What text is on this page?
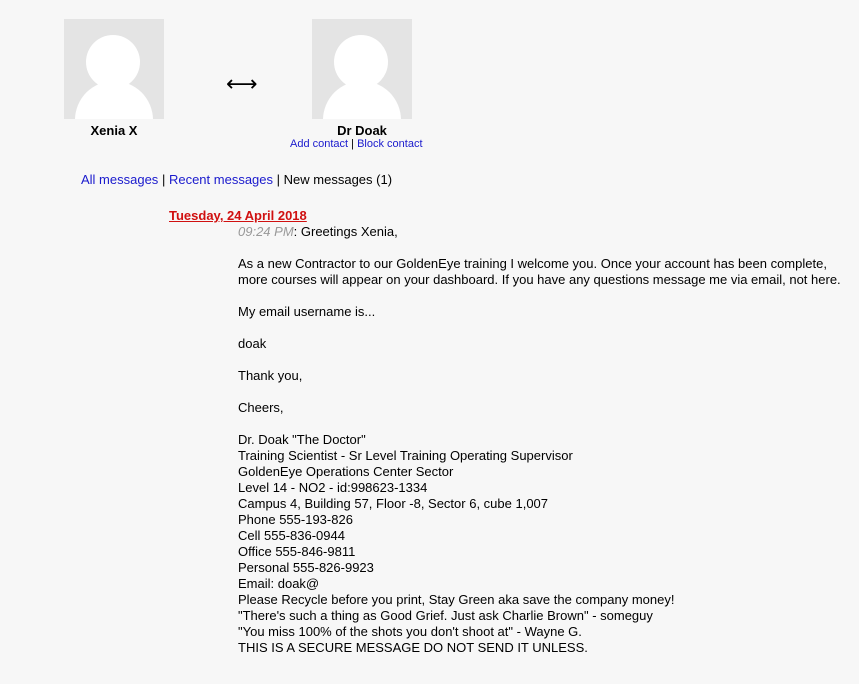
Xenia X
⟷
Dr Doak
Add contact | Block contact
All messages | Recent messages | New messages (1)
Tuesday, 24 April 2018
09:24 PM: Greetings Xenia,
As a new Contractor to our GoldenEye training I welcome you. Once your account has been complete,
more courses will appear on your dashboard. If you have any questions message me via email, not here.
My email username is...
doak
Thank you,
Cheers,
Dr. Doak "The Doctor"
Training Scientist - Sr Level Training Operating Supervisor
GoldenEye Operations Center Sector
Level 14 - NO2 - id:998623-1334
Campus 4, Building 57, Floor -8, Sector 6, cube 1,007
Phone 555-193-826
Cell 555-836-0944
Office 555-846-9811
Personal 555-826-9923
Email: doak@
Please Recycle before you print, Stay Green aka save the company money!
"There's such a thing as Good Grief. Just ask Charlie Brown" - someguy
"You miss 100% of the shots you don't shoot at" - Wayne G.
THIS IS A SECURE MESSAGE DO NOT SEND IT UNLESS.
